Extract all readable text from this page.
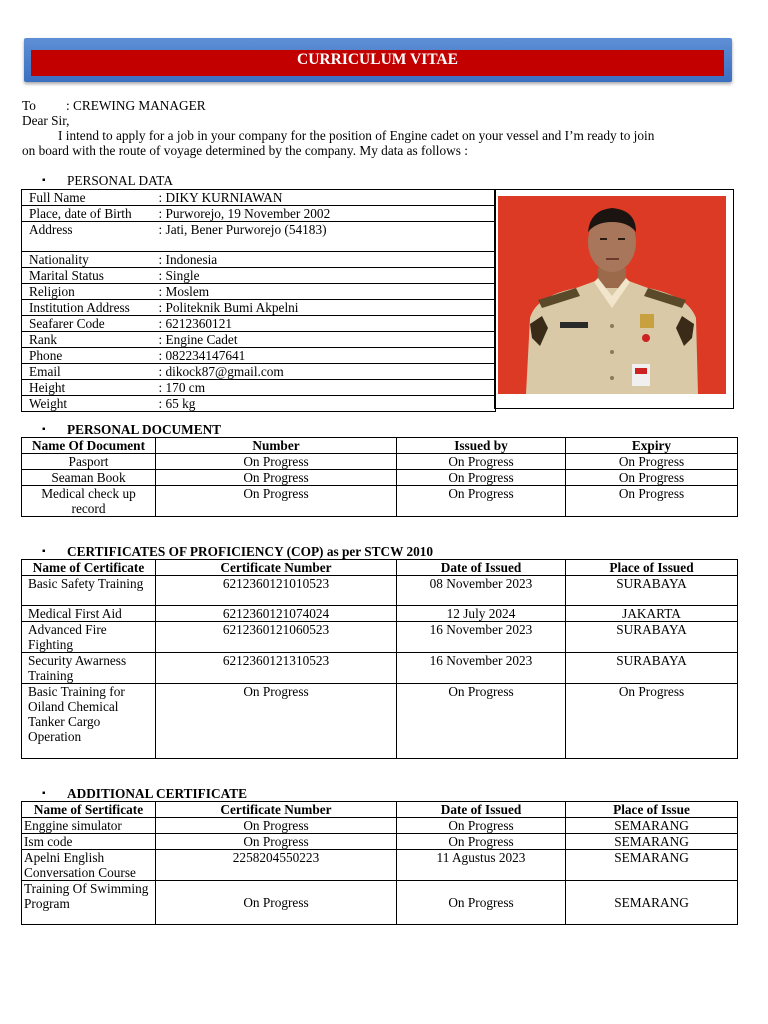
CURRICULUM VITAE
To : CREWING MANAGER
Dear Sir,
I intend to apply for a job in your company for the position of Engine cadet on your vessel and I’m ready to join
on board with the route of voyage determined by the company. My data as follows :
▪ PERSONAL DATA
Full Name	: DIKY KURNIAWAN
Place, date of Birth	: Purworejo, 19 November 2002
Address	: Jati, Bener Purworejo (54183)
Nationality	: Indonesia
Marital Status	: Single
Religion	: Moslem
Institution Address	: Politeknik Bumi Akpelni
Seafarer Code	: 6212360121
Rank	: Engine Cadet
Phone	: 082234147641
Email	: dikock87@gmail.com
Height	: 170 cm
Weight	: 65 kg
▪ PERSONAL DOCUMENT
Name Of Document	Number	Issued by	Expiry
Pasport	On Progress	On Progress	On Progress
Seaman Book	On Progress	On Progress	On Progress
Medical check up record	On Progress	On Progress	On Progress
▪ CERTIFICATES OF PROFICIENCY (COP) as per STCW 2010
Name of Certificate	Certificate Number	Date of Issued	Place of Issued
Basic Safety Training	6212360121010523	08 November 2023	SURABAYA
Medical First Aid	6212360121074024	12 July 2024	JAKARTA
Advanced Fire Fighting	6212360121060523	16 November 2023	SURABAYA
Security Awarness Training	6212360121310523	16 November 2023	SURABAYA
Basic Training for Oiland Chemical Tanker Cargo Operation	On Progress	On Progress	On Progress
▪ ADDITIONAL CERTIFICATE
Name of Sertificate	Certificate Number	Date of Issued	Place of Issue
Enggine simulator	On Progress	On Progress	SEMARANG
Ism code	On Progress	On Progress	SEMARANG
Apelni English Conversation Course	2258204550223	11 Agustus 2023	SEMARANG
Training Of Swimming Program	On Progress	On Progress	SEMARANG
